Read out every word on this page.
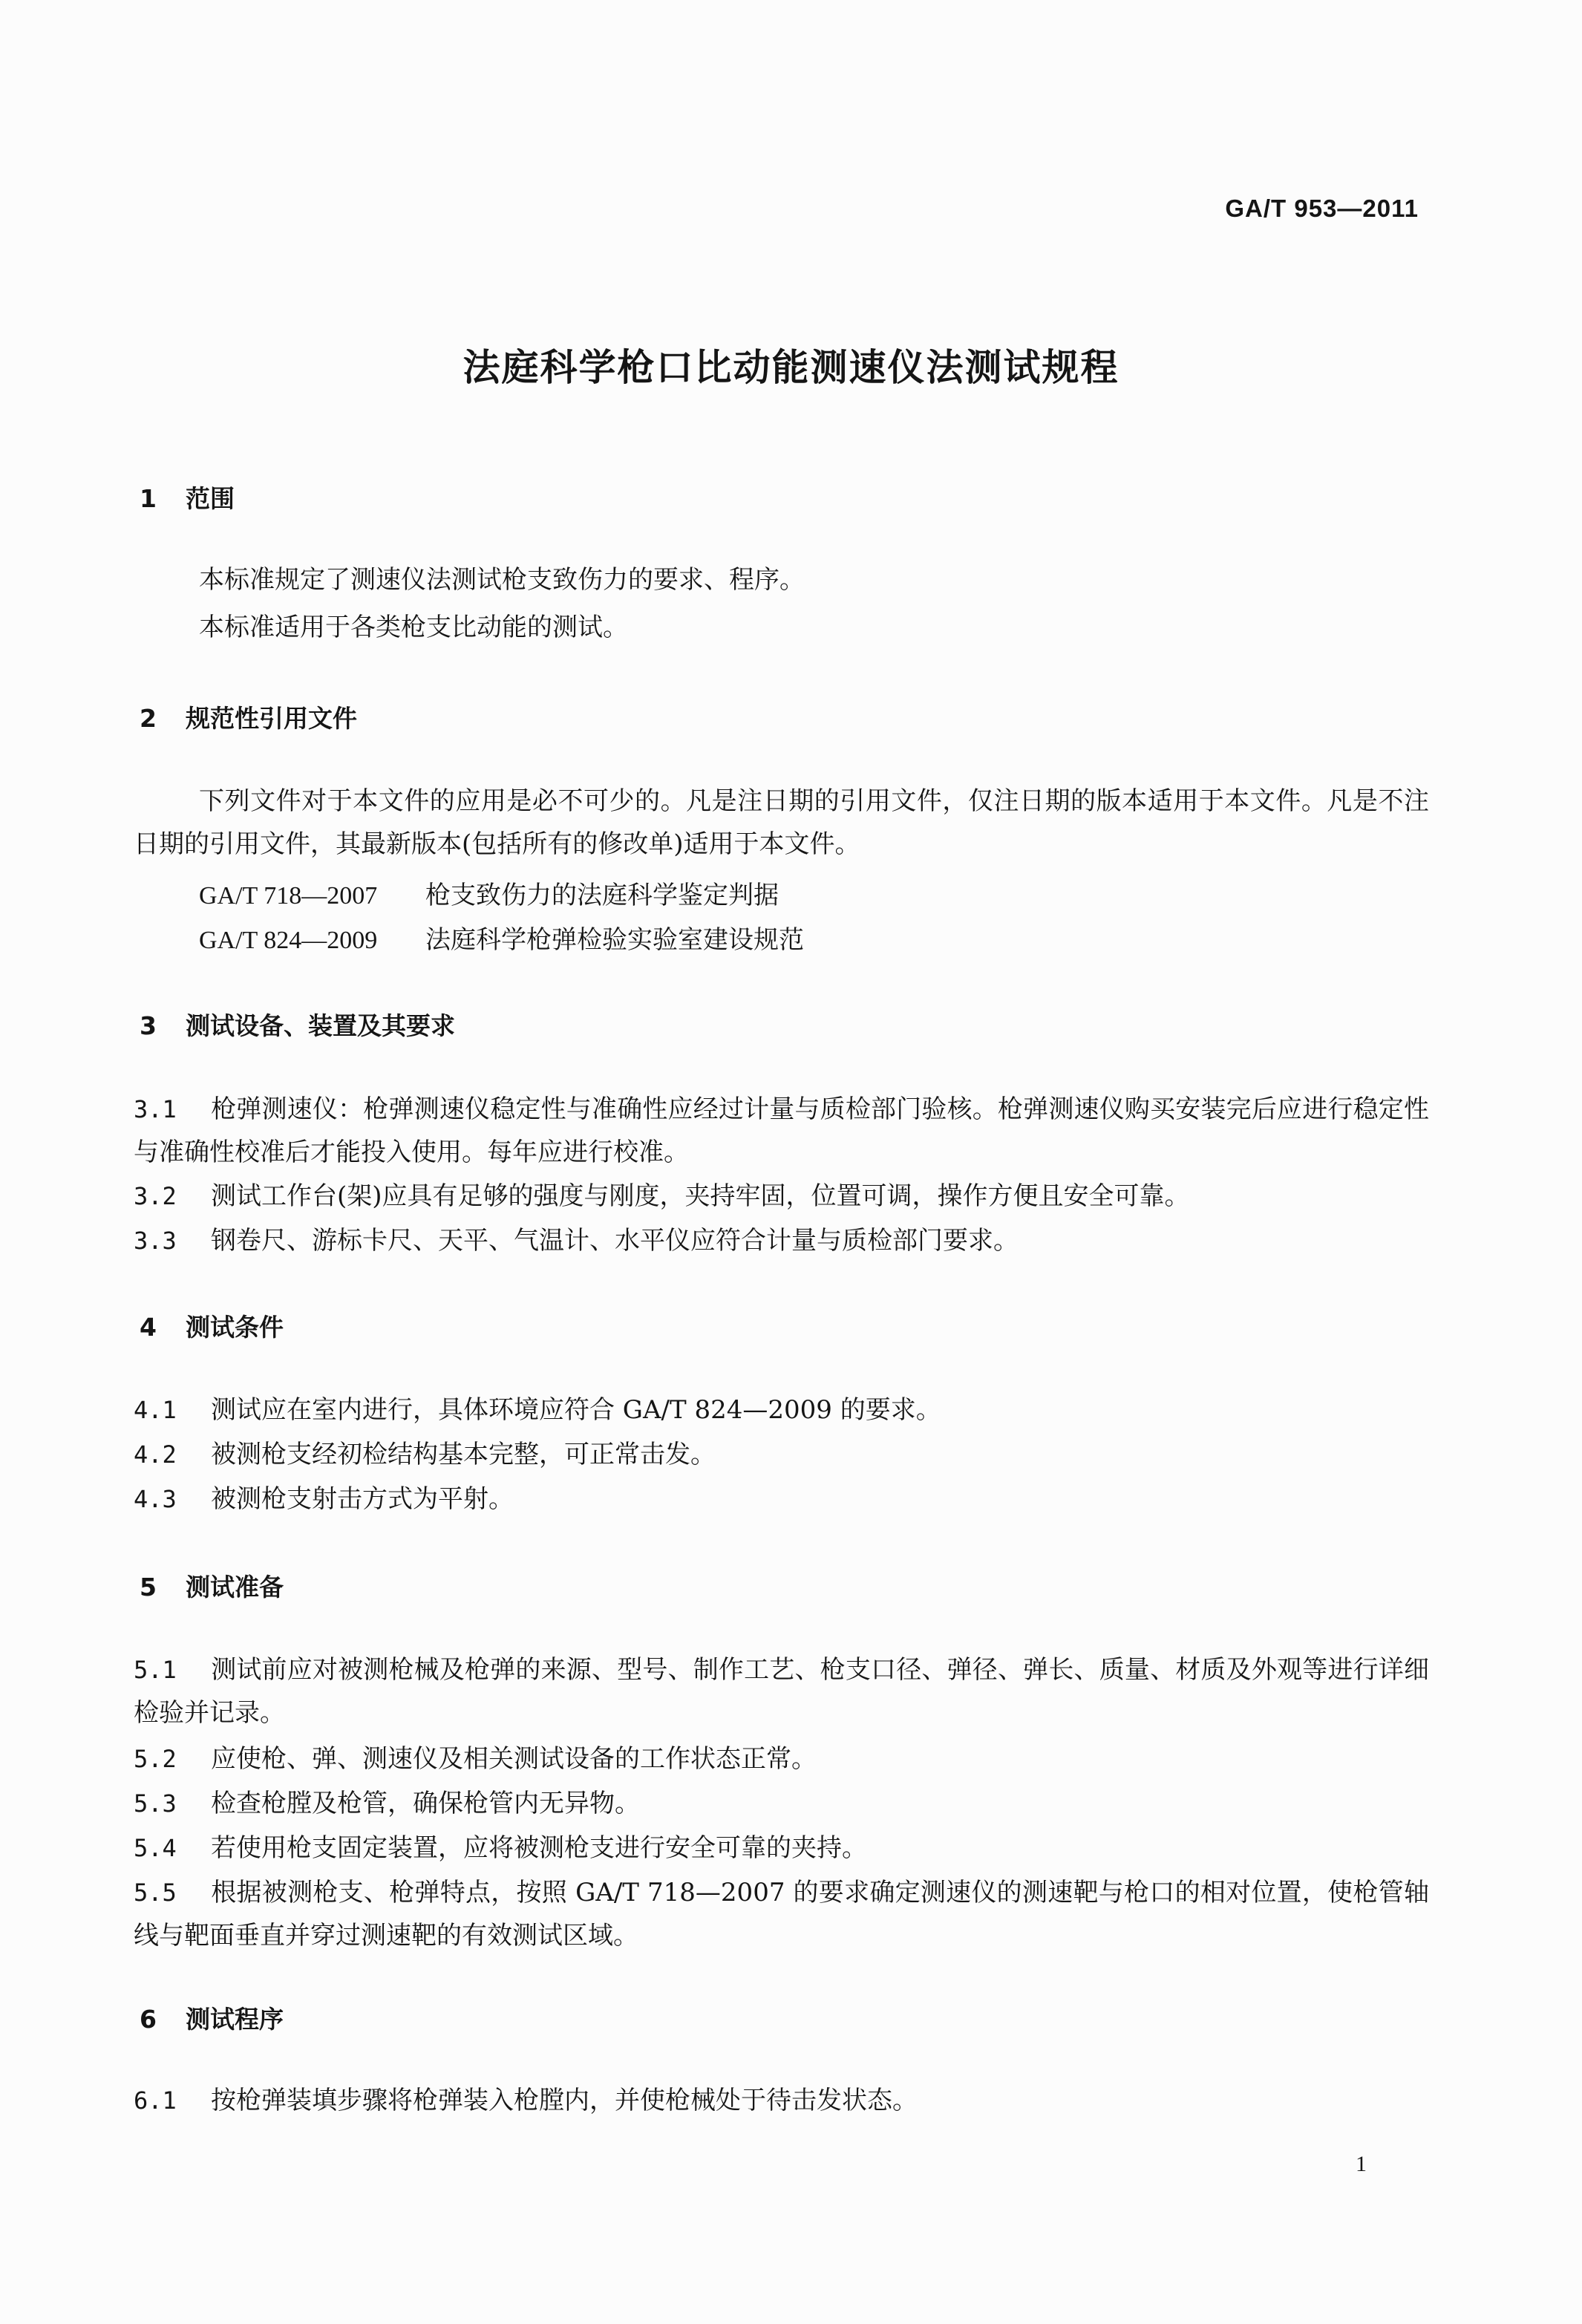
GA/T 953—2011
法庭科学枪口比动能测速仪法测试规程
1 范围
本标准规定了测速仪法测试枪支致伤力的要求、程序。
本标准适用于各类枪支比动能的测试。
2 规范性引用文件
下列文件对于本文件的应用是必不可少的。凡是注日期的引用文件，仅注日期的版本适用于本文件。凡是不注日期的引用文件，其最新版本(包括所有的修改单)适用于本文件。
GA/T 718—2007 枪支致伤力的法庭科学鉴定判据
GA/T 824—2009 法庭科学枪弹检验实验室建设规范
3 测试设备、装置及其要求
3.1 枪弹测速仪：枪弹测速仪稳定性与准确性应经过计量与质检部门验核。枪弹测速仪购买安装完后应进行稳定性与准确性校准后才能投入使用。每年应进行校准。
3.2 测试工作台(架)应具有足够的强度与刚度，夹持牢固，位置可调，操作方便且安全可靠。
3.3 钢卷尺、游标卡尺、天平、气温计、水平仪应符合计量与质检部门要求。
4 测试条件
4.1 测试应在室内进行，具体环境应符合 GA/T 824—2009 的要求。
4.2 被测枪支经初检结构基本完整，可正常击发。
4.3 被测枪支射击方式为平射。
5 测试准备
5.1 测试前应对被测枪械及枪弹的来源、型号、制作工艺、枪支口径、弹径、弹长、质量、材质及外观等进行详细检验并记录。
5.2 应使枪、弹、测速仪及相关测试设备的工作状态正常。
5.3 检查枪膛及枪管，确保枪管内无异物。
5.4 若使用枪支固定装置，应将被测枪支进行安全可靠的夹持。
5.5 根据被测枪支、枪弹特点，按照 GA/T 718—2007 的要求确定测速仪的测速靶与枪口的相对位置，使枪管轴线与靶面垂直并穿过测速靶的有效测试区域。
6 测试程序
6.1 按枪弹装填步骤将枪弹装入枪膛内，并使枪械处于待击发状态。
1
